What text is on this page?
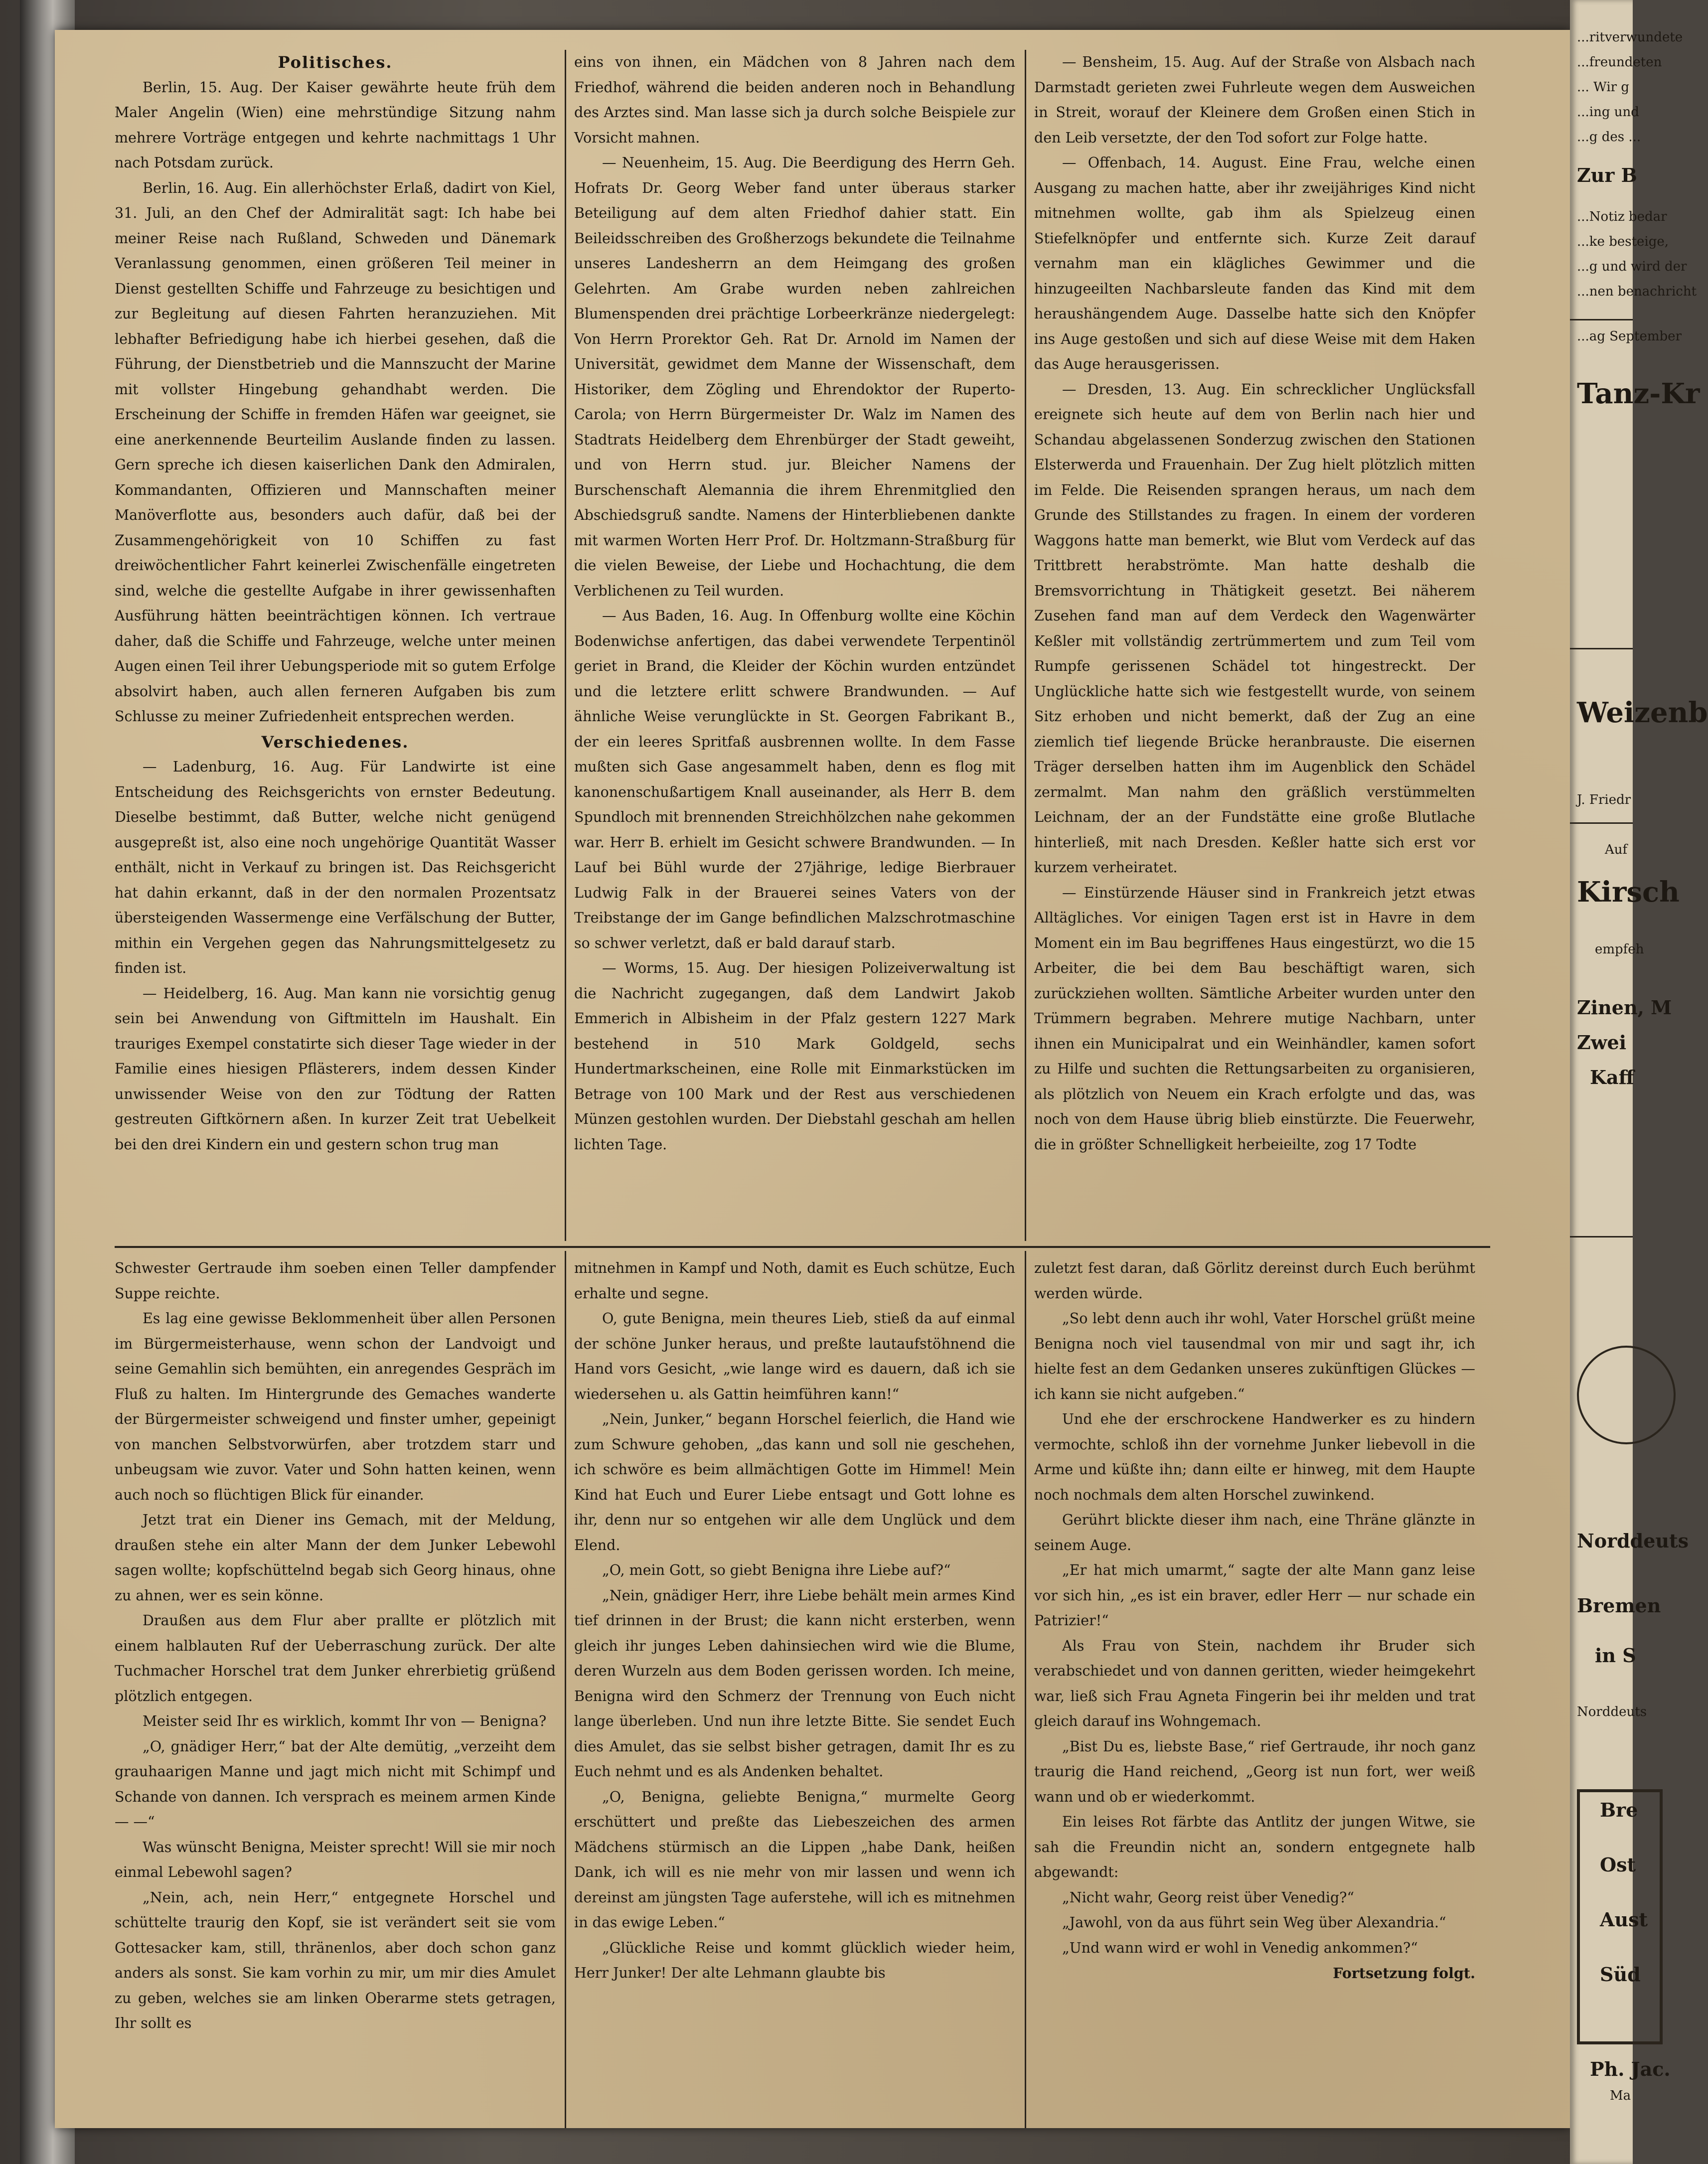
Politisches.

Berlin, 15. Aug. Der Kaiser gewährte heute früh dem Maler Angelin (Wien) eine mehrstündige Sitzung nahm mehrere Vorträge entgegen und kehrte nachmittags 1 Uhr nach Potsdam zurück.

Berlin, 16. Aug. Ein allerhöchster Erlaß, dadirt von Kiel, 31. Juli, an den Chef der Admiralität sagt: Ich habe bei meiner Reise nach Rußland, Schweden und Dänemark Veranlassung genommen, einen größeren Teil meiner in Dienst gestellten Schiffe und Fahrzeuge zu besichtigen und zur Begleitung auf diesen Fahrten heranzuziehen. Mit lebhafter Befriedigung habe ich hierbei gesehen, daß die Führung, der Dienstbetrieb und die Mannszucht der Marine mit vollster Hingebung gehandhabt werden. Die Erscheinung der Schiffe in fremden Häfen war geeignet, sie eine anerkennende Beurteilim Auslande finden zu lassen. Gern spreche ich diesen kaiserlichen Dank den Admiralen, Kommandanten, Offizieren und Mannschaften meiner Manöverflotte aus, besonders auch dafür, daß bei der Zusammengehörigkeit von 10 Schiffen zu fast dreiwöchentlicher Fahrt keinerlei Zwischenfälle eingetreten sind, welche die gestellte Aufgabe in ihrer gewissenhaften Ausführung hätten beeinträchtigen können. Ich vertraue daher, daß die Schiffe und Fahrzeuge, welche unter meinen Augen einen Teil ihrer Uebungsperiode mit so gutem Erfolge absolvirt haben, auch allen ferneren Aufgaben bis zum Schlusse zu meiner Zufriedenheit entsprechen werden.

Verschiedenes.

— Ladenburg, 16. Aug. Für Landwirte ist eine Entscheidung des Reichsgerichts von ernster Bedeutung. Dieselbe bestimmt, daß Butter, welche nicht genügend ausgepreßt ist, also eine noch ungehörige Quantität Wasser enthält, nicht in Verkauf zu bringen ist. Das Reichsgericht hat dahin erkannt, daß in der den normalen Prozentsatz übersteigenden Wassermenge eine Verfälschung der Butter, mithin ein Vergehen gegen das Nahrungsmittelgesetz zu finden ist.

— Heidelberg, 16. Aug. Man kann nie vorsichtig genug sein bei Anwendung von Giftmitteln im Haushalt. Ein trauriges Exempel constatirte sich dieser Tage wieder in der Familie eines hiesigen Pflästerers, indem dessen Kinder unwissender Weise von den zur Tödtung der Ratten gestreuten Giftkörnern aßen. In kurzer Zeit trat Uebelkeit bei den drei Kindern ein und gestern schon trug man

eins von ihnen, ein Mädchen von 8 Jahren nach dem Friedhof, während die beiden anderen noch in Behandlung des Arztes sind. Man lasse sich ja durch solche Beispiele zur Vorsicht mahnen.

— Neuenheim, 15. Aug. Die Beerdigung des Herrn Geh. Hofrats Dr. Georg Weber fand unter überaus starker Beteiligung auf dem alten Friedhof dahier statt. Ein Beileidsschreiben des Großherzogs bekundete die Teilnahme unseres Landesherrn an dem Heimgang des großen Gelehrten. Am Grabe wurden neben zahlreichen Blumenspenden drei prächtige Lorbeerkränze niedergelegt: Von Herrn Prorektor Geh. Rat Dr. Arnold im Namen der Universität, gewidmet dem Manne der Wissenschaft, dem Historiker, dem Zögling und Ehrendoktor der Ruperto-Carola; von Herrn Bürgermeister Dr. Walz im Namen des Stadtrats Heidelberg dem Ehrenbürger der Stadt geweiht, und von Herrn stud. jur. Bleicher Namens der Burschenschaft Alemannia die ihrem Ehrenmitglied den Abschiedsgruß sandte. Namens der Hinterbliebenen dankte mit warmen Worten Herr Prof. Dr. Holtzmann-Straßburg für die vielen Beweise, der Liebe und Hochachtung, die dem Verblichenen zu Teil wurden.

— Aus Baden, 16. Aug. In Offenburg wollte eine Köchin Bodenwichse anfertigen, das dabei verwendete Terpentinöl geriet in Brand, die Kleider der Köchin wurden entzündet und die letztere erlitt schwere Brandwunden. — Auf ähnliche Weise verunglückte in St. Georgen Fabrikant B., der ein leeres Spritfaß ausbrennen wollte. In dem Fasse mußten sich Gase angesammelt haben, denn es flog mit kanonenschußartigem Knall auseinander, als Herr B. dem Spundloch mit brennenden Streichhölzchen nahe gekommen war. Herr B. erhielt im Gesicht schwere Brandwunden. — In Lauf bei Bühl wurde der 27jährige, ledige Bierbrauer Ludwig Falk in der Brauerei seines Vaters von der Treibstange der im Gange befindlichen Malzschrotmaschine so schwer verletzt, daß er bald darauf starb.

— Worms, 15. Aug. Der hiesigen Polizeiverwaltung ist die Nachricht zugegangen, daß dem Landwirt Jakob Emmerich in Albisheim in der Pfalz gestern 1227 Mark bestehend in 510 Mark Goldgeld, sechs Hundertmarkscheinen, eine Rolle mit Einmarkstücken im Betrage von 100 Mark und der Rest aus verschiedenen Münzen gestohlen wurden. Der Diebstahl geschah am hellen lichten Tage.

— Bensheim, 15. Aug. Auf der Straße von Alsbach nach Darmstadt gerieten zwei Fuhrleute wegen dem Ausweichen in Streit, worauf der Kleinere dem Großen einen Stich in den Leib versetzte, der den Tod sofort zur Folge hatte.

— Offenbach, 14. August. Eine Frau, welche einen Ausgang zu machen hatte, aber ihr zweijähriges Kind nicht mitnehmen wollte, gab ihm als Spielzeug einen Stiefelknöpfer und entfernte sich. Kurze Zeit darauf vernahm man ein klägliches Gewimmer und die hinzugeeilten Nachbarsleute fanden das Kind mit dem heraushängendem Auge. Dasselbe hatte sich den Knöpfer ins Auge gestoßen und sich auf diese Weise mit dem Haken das Auge herausgerissen.

— Dresden, 13. Aug. Ein schrecklicher Unglücksfall ereignete sich heute auf dem von Berlin nach hier und Schandau abgelassenen Sonderzug zwischen den Stationen Elsterwerda und Frauenhain. Der Zug hielt plötzlich mitten im Felde. Die Reisenden sprangen heraus, um nach dem Grunde des Stillstandes zu fragen. In einem der vorderen Waggons hatte man bemerkt, wie Blut vom Verdeck auf das Trittbrett herabströmte. Man hatte deshalb die Bremsvorrichtung in Thätigkeit gesetzt. Bei näherem Zusehen fand man auf dem Verdeck den Wagenwärter Keßler mit vollständig zertrümmertem und zum Teil vom Rumpfe gerissenen Schädel tot hingestreckt. Der Unglückliche hatte sich wie festgestellt wurde, von seinem Sitz erhoben und nicht bemerkt, daß der Zug an eine ziemlich tief liegende Brücke heranbrauste. Die eisernen Träger derselben hatten ihm im Augenblick den Schädel zermalmt. Man nahm den gräßlich verstümmelten Leichnam, der an der Fundstätte eine große Blutlache hinterließ, mit nach Dresden. Keßler hatte sich erst vor kurzem verheiratet.

— Einstürzende Häuser sind in Frankreich jetzt etwas Alltägliches. Vor einigen Tagen erst ist in Havre in dem Moment ein im Bau begriffenes Haus eingestürzt, wo die 15 Arbeiter, die bei dem Bau beschäftigt waren, sich zurückziehen wollten. Sämtliche Arbeiter wurden unter den Trümmern begraben. Mehrere mutige Nachbarn, unter ihnen ein Municipalrat und ein Weinhändler, kamen sofort zu Hilfe und suchten die Rettungsarbeiten zu organisieren, als plötzlich von Neuem ein Krach erfolgte und das, was noch von dem Hause übrig blieb einstürzte. Die Feuerwehr, die in größter Schnelligkeit herbeieilte, zog 17 Todte

Schwester Gertraude ihm soeben einen Teller dampfender Suppe reichte.

Es lag eine gewisse Beklommenheit über allen Personen im Bürgermeisterhause, wenn schon der Landvoigt und seine Gemahlin sich bemühten, ein anregendes Gespräch im Fluß zu halten. Im Hintergrunde des Gemaches wanderte der Bürgermeister schweigend und finster umher, gepeinigt von manchen Selbstvorwürfen, aber trotzdem starr und unbeugsam wie zuvor. Vater und Sohn hatten keinen, wenn auch noch so flüchtigen Blick für einander.

Jetzt trat ein Diener ins Gemach, mit der Meldung, draußen stehe ein alter Mann der dem Junker Lebewohl sagen wollte; kopfschüttelnd begab sich Georg hinaus, ohne zu ahnen, wer es sein könne.

Draußen aus dem Flur aber prallte er plötzlich mit einem halblauten Ruf der Ueberraschung zurück. Der alte Tuchmacher Horschel trat dem Junker ehrerbietig grüßend plötzlich entgegen.

Meister seid Ihr es wirklich, kommt Ihr von — Benigna?

„O, gnädiger Herr,“ bat der Alte demütig, „verzeiht dem grauhaarigen Manne und jagt mich nicht mit Schimpf und Schande von dannen. Ich versprach es meinem armen Kinde — —“

Was wünscht Benigna, Meister sprecht! Will sie mir noch einmal Lebewohl sagen?

„Nein, ach, nein Herr,“ entgegnete Horschel und schüttelte traurig den Kopf, sie ist verändert seit sie vom Gottesacker kam, still, thränenlos, aber doch schon ganz anders als sonst. Sie kam vorhin zu mir, um mir dies Amulet zu geben, welches sie am linken Oberarme stets getragen, Ihr sollt es

mitnehmen in Kampf und Noth, damit es Euch schütze, Euch erhalte und segne.

O, gute Benigna, mein theures Lieb, stieß da auf einmal der schöne Junker heraus, und preßte lautaufstöhnend die Hand vors Gesicht, „wie lange wird es dauern, daß ich sie wiedersehen u. als Gattin heimführen kann!“

„Nein, Junker,“ begann Horschel feierlich, die Hand wie zum Schwure gehoben, „das kann und soll nie geschehen, ich schwöre es beim allmächtigen Gotte im Himmel! Mein Kind hat Euch und Eurer Liebe entsagt und Gott lohne es ihr, denn nur so entgehen wir alle dem Unglück und dem Elend.

„O, mein Gott, so giebt Benigna ihre Liebe auf?“

„Nein, gnädiger Herr, ihre Liebe behält mein armes Kind tief drinnen in der Brust; die kann nicht ersterben, wenn gleich ihr junges Leben dahinsiechen wird wie die Blume, deren Wurzeln aus dem Boden gerissen worden. Ich meine, Benigna wird den Schmerz der Trennung von Euch nicht lange überleben. Und nun ihre letzte Bitte. Sie sendet Euch dies Amulet, das sie selbst bisher getragen, damit Ihr es zu Euch nehmt und es als Andenken behaltet.

„O, Benigna, geliebte Benigna,“ murmelte Georg erschüttert und preßte das Liebeszeichen des armen Mädchens stürmisch an die Lippen „habe Dank, heißen Dank, ich will es nie mehr von mir lassen und wenn ich dereinst am jüngsten Tage auferstehe, will ich es mitnehmen in das ewige Leben.“

„Glückliche Reise und kommt glücklich wieder heim, Herr Junker! Der alte Lehmann glaubte bis

zuletzt fest daran, daß Görlitz dereinst durch Euch berühmt werden würde.

„So lebt denn auch ihr wohl, Vater Horschel grüßt meine Benigna noch viel tausendmal von mir und sagt ihr, ich hielte fest an dem Gedanken unseres zukünftigen Glückes — ich kann sie nicht aufgeben.“

Und ehe der erschrockene Handwerker es zu hindern vermochte, schloß ihn der vornehme Junker liebevoll in die Arme und küßte ihn; dann eilte er hinweg, mit dem Haupte noch nochmals dem alten Horschel zuwinkend.

Gerührt blickte dieser ihm nach, eine Thräne glänzte in seinem Auge.

„Er hat mich umarmt,“ sagte der alte Mann ganz leise vor sich hin, „es ist ein braver, edler Herr — nur schade ein Patrizier!“

Als Frau von Stein, nachdem ihr Bruder sich verabschiedet und von dannen geritten, wieder heimgekehrt war, ließ sich Frau Agneta Fingerin bei ihr melden und trat gleich darauf ins Wohngemach.

„Bist Du es, liebste Base,“ rief Gertraude, ihr noch ganz traurig die Hand reichend, „Georg ist nun fort, wer weiß wann und ob er wiederkommt.

Ein leises Rot färbte das Antlitz der jungen Witwe, sie sah die Freundin nicht an, sondern entgegnete halb abgewandt:

„Nicht wahr, Georg reist über Venedig?“

„Jawohl, von da aus führt sein Weg über Alexandria.“

„Und wann wird er wohl in Venedig ankommen?“

Fortsetzung folgt.

...ritverwundete
...freundeten
... Wir g
...ing und
...g des ...
Zur B
...Notiz bedar
...ke besteige,
...g und wird der
...nen benachricht
...ag September
Tanz-Kr
Weizenb
J. Friedr
Auf
Kirsch
empfeh
Zinen, M
Zwei
Kaff
Norddeuts
Bremen
in S
Norddeuts
Bre
Ost
Aust
Süd
Ph. Jac.
Ma
